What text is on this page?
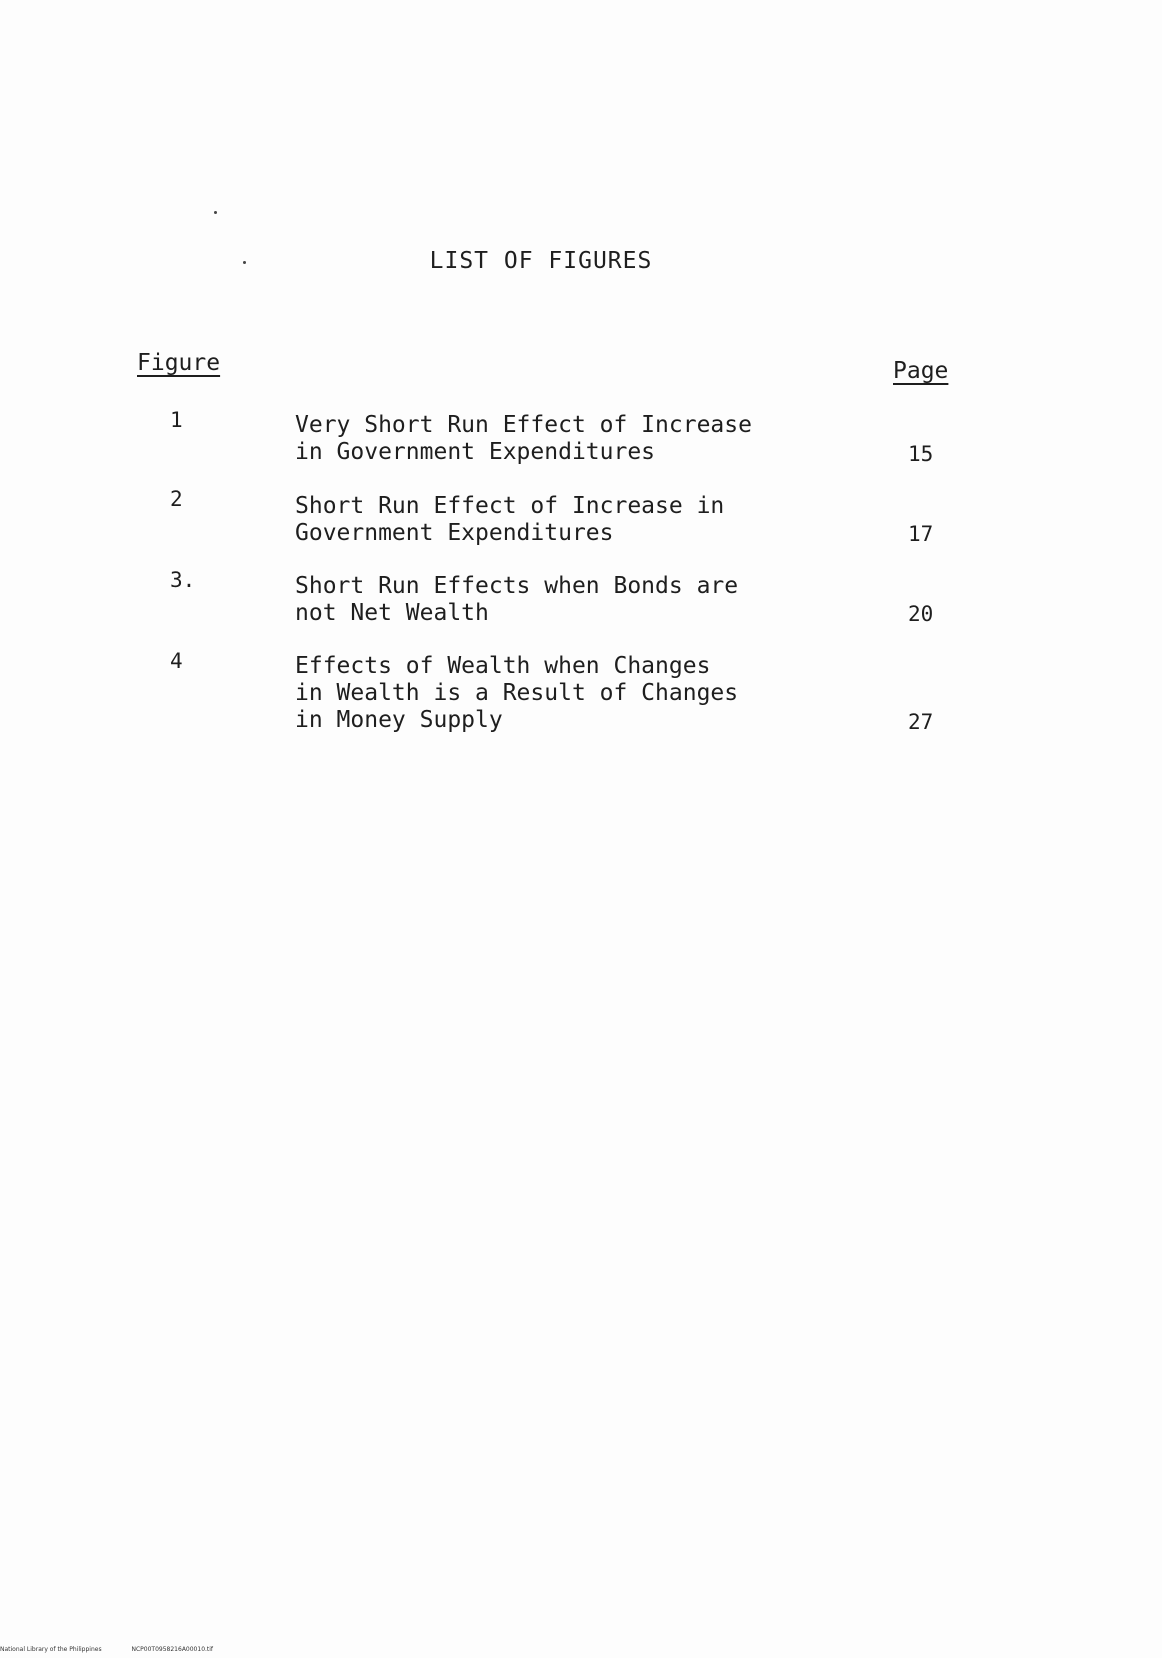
LIST OF FIGURES
Figure	Page
1	Very Short Run Effect of Increase
in Government Expenditures	15
2	Short Run Effect of Increase in
Government Expenditures	17
3.	Short Run Effects when Bonds are
not Net Wealth	20
4	Effects of Wealth when Changes
in Wealth is a Result of Changes
in Money Supply	27
National Library of the Philippines	NCP00T0958216A00010.tif
